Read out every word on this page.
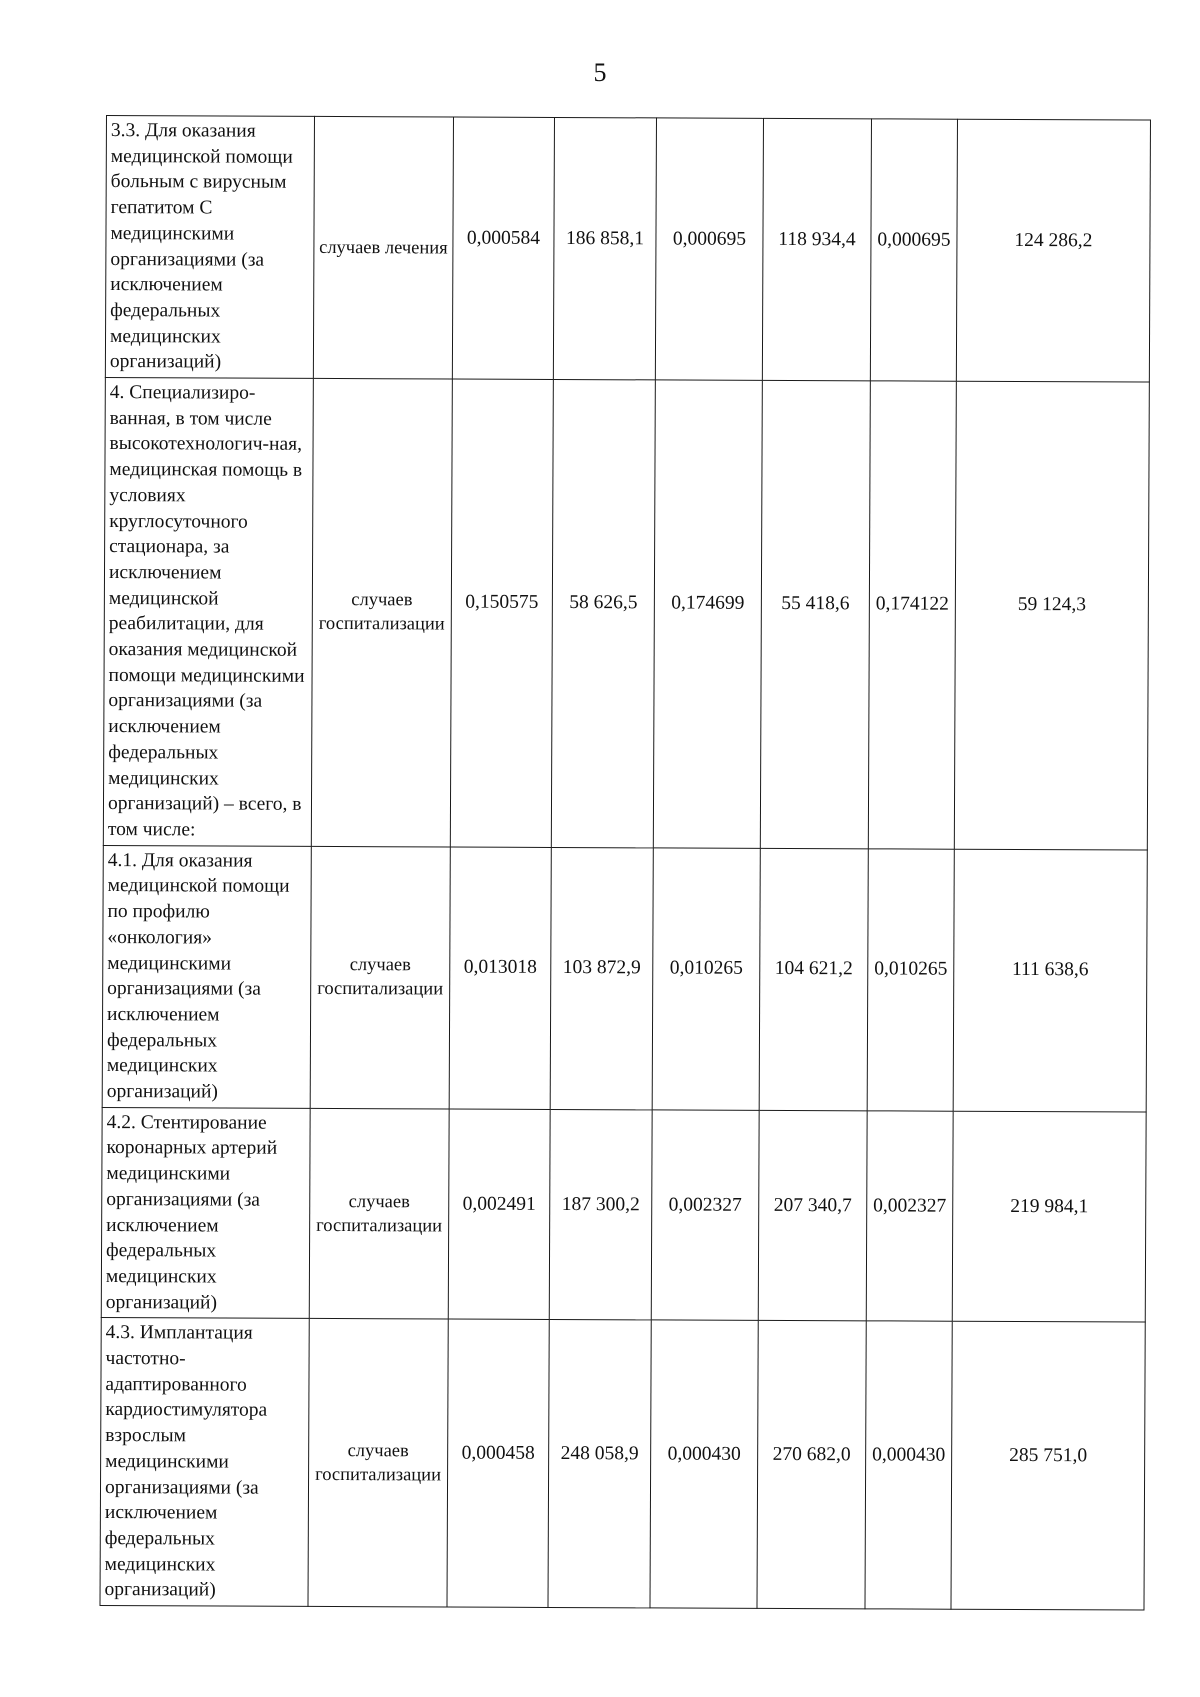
5
3.3. Для оказания медицинской помощи больным с вирусным гепатитом С медицинскими организациями (за исключением федеральных медицинских организаций)	случаев лечения	0,000584	186 858,1	0,000695	118 934,4	0,000695	124 286,2
4. Специализиро-ванная, в том числе высокотехнологич-ная, медицинская помощь в условиях круглосуточного стационара, за исключением медицинской реабилитации, для оказания медицинской помощи медицинскими организациями (за исключением федеральных медицинских организаций) – всего, в том числе:	случаев госпитализации	0,150575	58 626,5	0,174699	55 418,6	0,174122	59 124,3
4.1. Для оказания медицинской помощи по профилю «онкология» медицинскими организациями (за исключением федеральных медицинских организаций)	случаев госпитализации	0,013018	103 872,9	0,010265	104 621,2	0,010265	111 638,6
4.2. Стентирование коронарных артерий медицинскими организациями (за исключением федеральных медицинских организаций)	случаев госпитализации	0,002491	187 300,2	0,002327	207 340,7	0,002327	219 984,1
4.3. Имплантация частотно-адаптированного кардиостимулятора взрослым медицинскими организациями (за исключением федеральных медицинских организаций)	случаев госпитализации	0,000458	248 058,9	0,000430	270 682,0	0,000430	285 751,0
